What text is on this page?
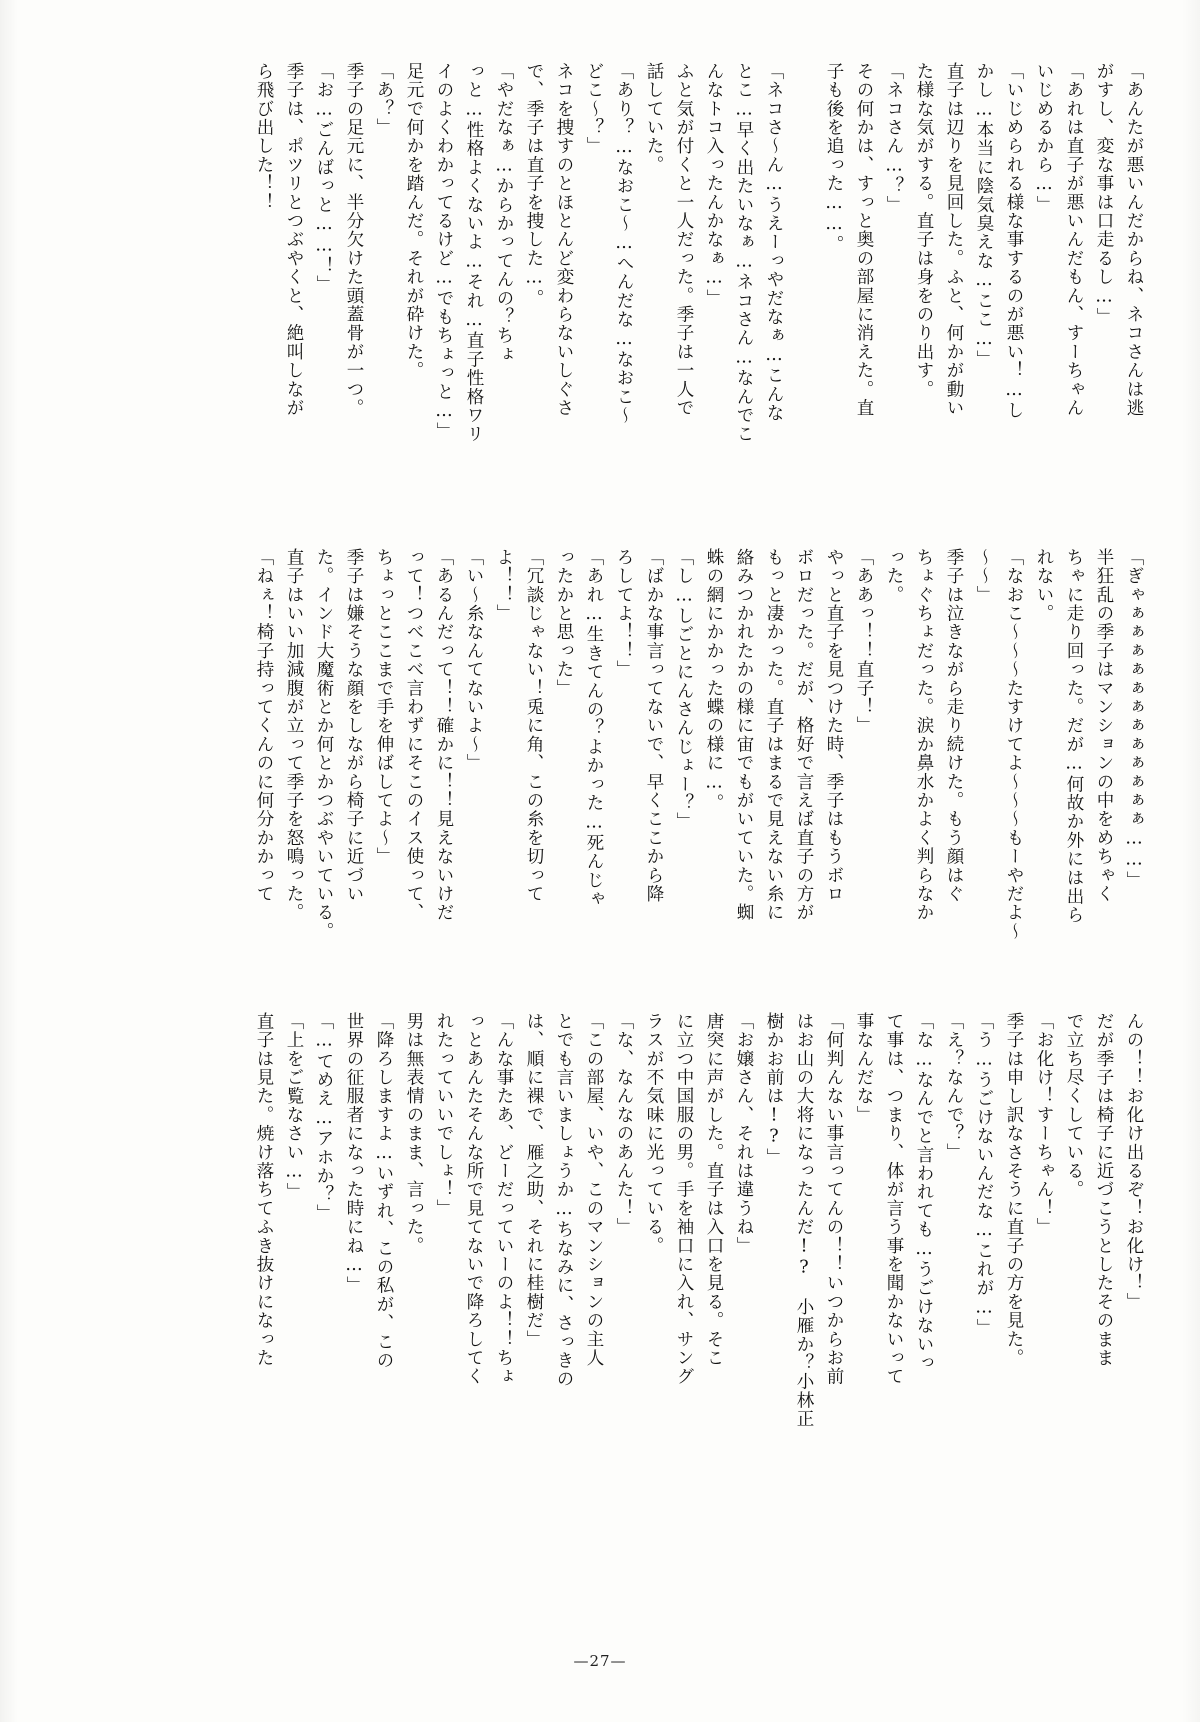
「あんたが悪いんだからね、ネコさんは逃
がすし、変な事は口走るし…」
「あれは直子が悪いんだもん、すーちゃん
いじめるから…」
「いじめられる様な事するのが悪い！…し
かし…本当に陰気臭えな…ここ…」
直子は辺りを見回した。ふと、何かが動い
た様な気がする。直子は身をのり出す。
「ネコさん…？」
その何かは、すっと奥の部屋に消えた。直
子も後を追った……。
「ネコさ～ん…うえーっやだなぁ…こんな
とこ…早く出たいなぁ…ネコさん…なんでこ
んなトコ入ったんかなぁ…」
ふと気が付くと一人だった。季子は一人で
話していた。
「あり？…なおこ～…へんだな…なおこ～
どこ～？」
ネコを捜すのとほとんど変わらないしぐさ
で、季子は直子を捜した…。
「やだなぁ…からかってんの？ちょ
っと…性格よくないよ…それ…直子性格ワリ
イのよくわかってるけど…でもちょっと…」
足元で何かを踏んだ。それが砕けた。
「あ？」
季子の足元に、半分欠けた頭蓋骨が一つ。
「お…ごんばっと……！」
季子は、ポツリとつぶやくと、絶叫しなが
ら飛び出した！！
「ぎゃぁぁぁぁぁぁぁぁぁぁぁぁ……」
半狂乱の季子はマンションの中をめちゃく
ちゃに走り回った。だが…何故か外には出ら
れない。
「なおこ～～～たすけてよ～～～もーやだよ～
～～」
季子は泣きながら走り続けた。もう顔はぐ
ちょぐちょだった。涙か鼻水かよく判らなか
った。
「ああっ！！直子！」
やっと直子を見つけた時、季子はもうボロ
ボロだった。だが、格好で言えば直子の方が
もっと凄かった。直子はまるで見えない糸に
絡みつかれたかの様に宙でもがいていた。蜘
蛛の網にかかった蝶の様に…。
「し…しごとにんさんじょー？」
「ばかな事言ってないで、早くここから降
ろしてよ！！」
「あれ…生きてんの？よかった…死んじゃ
ったかと思った」
「冗談じゃない！兎に角、この糸を切って
よ！！」
「い～糸なんてないよ～」
「あるんだって！！確かに！！見えないけだ
って！つべこべ言わずにそこのイス使って、
ちょっとここまで手を伸ばしてよ～」
季子は嫌そうな顔をしながら椅子に近づい
た。インド大魔術とか何とかつぶやいている。
直子はいい加減腹が立って季子を怒鳴った。
「ねぇ！椅子持ってくんのに何分かかって
んの！！お化け出るぞ！お化け！」
だが季子は椅子に近づこうとしたそのまま
で立ち尽くしている。
「お化け！すーちゃん！」
季子は申し訳なさそうに直子の方を見た。
「う…うごけないんだな…これが…」
「え？なんで？」
「な…なんでと言われても…うごけないっ
て事は、つまり、体が言う事を聞かないって
事なんだな」
「何判んない事言ってんの！！いつからお前
はお山の大将になったんだ!?　小雁か？小林正
樹かお前は!?」
「お嬢さん、それは違うね」
唐突に声がした。直子は入口を見る。そこ
に立つ中国服の男。手を袖口に入れ、サング
ラスが不気味に光っている。
「な、なんなのあんた！」
「この部屋、いや、このマンションの主人
とでも言いましょうか…ちなみに、さっきの
は、順に裸で、雁之助、それに桂樹だ」
「んな事たあ、どーだっていーのよ！！ちょ
っとあんたそんな所で見てないで降ろしてく
れたっていいでしょ！」
男は無表情のまま、言った。
「降ろしますよ…いずれ、この私が、この
世界の征服者になった時にね…」
「…てめえ…アホか？」
「上をご覧なさい…」
直子は見た。焼け落ちてふき抜けになった
—27—
